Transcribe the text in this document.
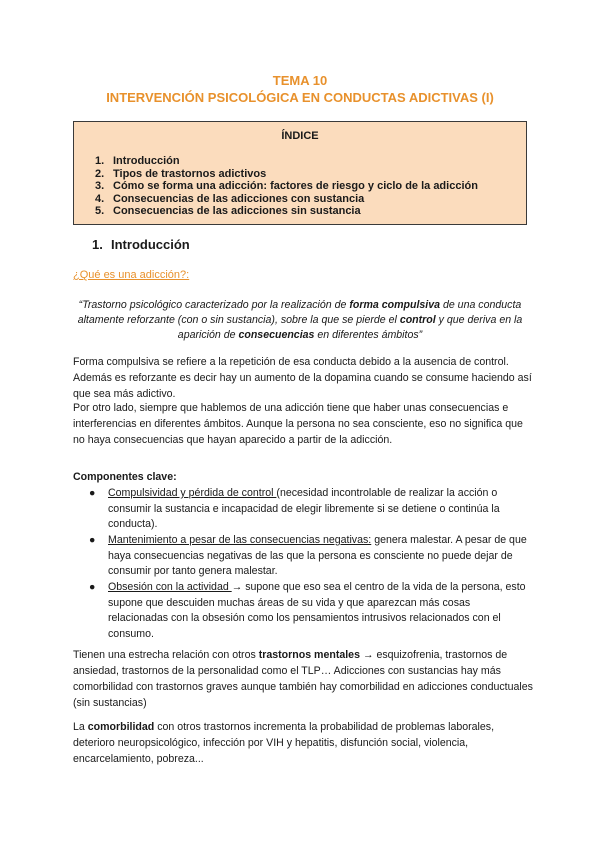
TEMA 10
INTERVENCIÓN PSICOLÓGICA EN CONDUCTAS ADICTIVAS (I)
ÍNDICE
1. Introducción
2. Tipos de trastornos adictivos
3. Cómo se forma una adicción: factores de riesgo y ciclo de la adicción
4. Consecuencias de las adicciones con sustancia
5. Consecuencias de las adicciones sin sustancia
1. Introducción
¿Qué es una adicción?:
“Trastorno psicológico caracterizado por la realización de forma compulsiva de una conducta altamente reforzante (con o sin sustancia), sobre la que se pierde el control y que deriva en la aparición de consecuencias en diferentes ámbitos”
Forma compulsiva se refiere a la repetición de esa conducta debido a la ausencia de control. Además es reforzante es decir hay un aumento de la dopamina cuando se consume haciendo así que sea más adictivo.
Por otro lado, siempre que hablemos de una adicción tiene que haber unas consecuencias e interferencias en diferentes ámbitos. Aunque la persona no sea consciente, eso no significa que no haya consecuencias que hayan aparecido a partir de la adicción.
Componentes clave:
● Compulsividad y pérdida de control (necesidad incontrolable de realizar la acción o consumir la sustancia e incapacidad de elegir libremente si se detiene o continúa la conducta).
● Mantenimiento a pesar de las consecuencias negativas: genera malestar. A pesar de que haya consecuencias negativas de las que la persona es consciente no puede dejar de consumir por tanto genera malestar.
● Obsesión con la actividad → supone que eso sea el centro de la vida de la persona, esto supone que descuiden muchas áreas de su vida y que aparezcan más cosas relacionadas con la obsesión como los pensamientos intrusivos relacionados con el consumo.
Tienen una estrecha relación con otros trastornos mentales → esquizofrenia, trastornos de ansiedad, trastornos de la personalidad como el TLP… Adicciones con sustancias hay más comorbilidad con trastornos graves aunque también hay comorbilidad en adicciones conductuales (sin sustancias)
La comorbilidad con otros trastornos incrementa la probabilidad de problemas laborales, deterioro neuropsicológico, infección por VIH y hepatitis, disfunción social, violencia, encarcelamiento, pobreza...
